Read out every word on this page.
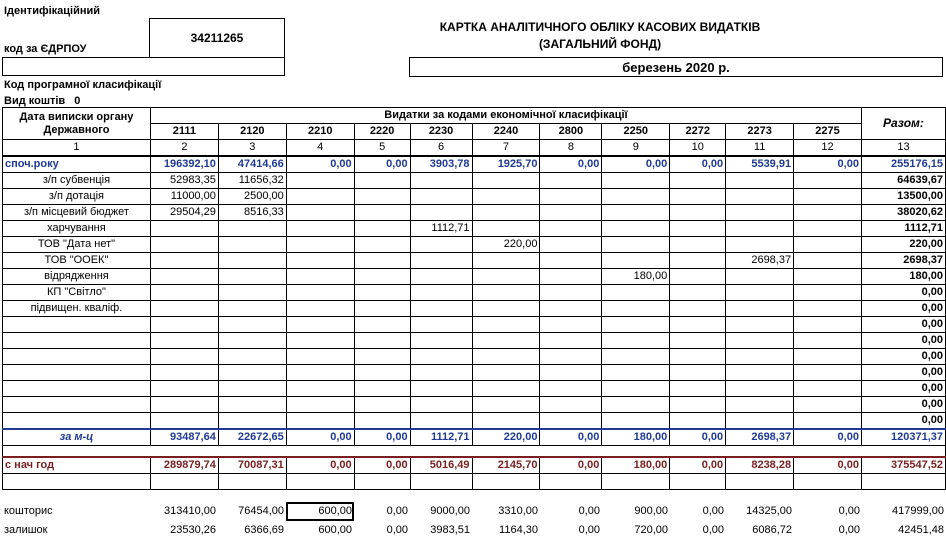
Ідентифікаційний
код за ЄДРПОУ
34211265
КАРТКА АНАЛІТИЧНОГО ОБЛІКУ КАСОВИХ ВИДАТКІВ
(ЗАГАЛЬНИЙ ФОНД)
березень 2020 р.
Код програмної класифікації
Вид коштів 0
Дата виписки органу
Державного	Видатки за кодами економічної класифікації											Разом:
	2111	2120	2210	2220	2230	2240	2800	2250	2272	2273	2275	
1	2	3	4	5	6	7	8	9	10	11	12	13
споч.року	196392,10	47414,66	0,00	0,00	3903,78	1925,70	0,00	0,00	0,00	5539,91	0,00	255176,15
з/п субвенція	52983,35	11656,32										64639,67
з/п дотація	11000,00	2500,00										13500,00
з/п місцевий бюджет	29504,29	8516,33										38020,62
харчування					1112,71							1112,71
ТОВ "Дата нет"						220,00						220,00
ТОВ "ООЕК"										2698,37		2698,37
відрядження								180,00				180,00
КП "Світло"												0,00
підвищен. кваліф.												0,00
												0,00
												0,00
												0,00
												0,00
												0,00
												0,00
												0,00
за м-ц	93487,64	22672,65	0,00	0,00	1112,71	220,00	0,00	180,00	0,00	2698,37	0,00	120371,37

с нач год	289879,74	70087,31	0,00	0,00	5016,49	2145,70	0,00	180,00	0,00	8238,28	0,00	375547,52

кошторис	313410,00	76454,00	600,00	0,00	9000,00	3310,00	0,00	900,00	0,00	14325,00	0,00	417999,00
залишок	23530,26	6366,69	600,00	0,00	3983,51	1164,30	0,00	720,00	0,00	6086,72	0,00	42451,48
